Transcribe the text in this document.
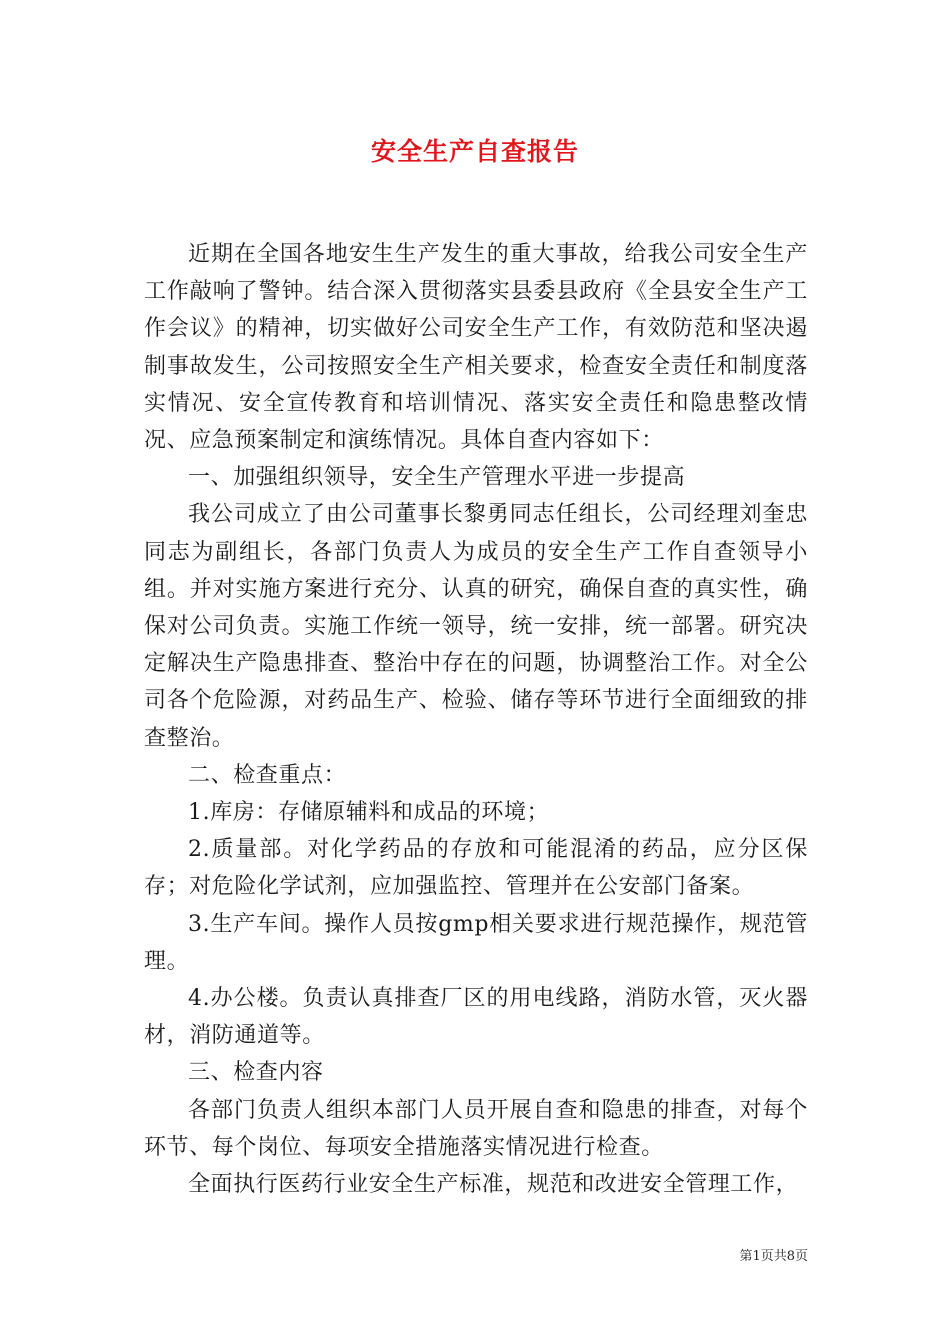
安全生产自查报告

近期在全国各地安生生产发生的重大事故，给我公司安全生产工作敲响了警钟。结合深入贯彻落实县委县政府《全县安全生产工作会议》的精神，切实做好公司安全生产工作，有效防范和坚决遏制事故发生，公司按照安全生产相关要求，检查安全责任和制度落实情况、安全宣传教育和培训情况、落实安全责任和隐患整改情况、应急预案制定和演练情况。具体自查内容如下：

一、加强组织领导，安全生产管理水平进一步提高

我公司成立了由公司董事长黎勇同志任组长，公司经理刘奎忠同志为副组长，各部门负责人为成员的安全生产工作自查领导小组。并对实施方案进行充分、认真的研究，确保自查的真实性，确保对公司负责。实施工作统一领导，统一安排，统一部署。研究决定解决生产隐患排查、整治中存在的问题，协调整治工作。对全公司各个危险源，对药品生产、检验、储存等环节进行全面细致的排查整治。

二、检查重点：

1.库房：存储原辅料和成品的环境；

2.质量部。对化学药品的存放和可能混淆的药品，应分区保存；对危险化学试剂，应加强监控、管理并在公安部门备案。

3.生产车间。操作人员按gmp相关要求进行规范操作，规范管理。

4.办公楼。负责认真排查厂区的用电线路，消防水管，灭火器材，消防通道等。

三、检查内容

各部门负责人组织本部门人员开展自查和隐患的排查，对每个环节、每个岗位、每项安全措施落实情况进行检查。

全面执行医药行业安全生产标准，规范和改进安全管理工作，

第1页共8页
